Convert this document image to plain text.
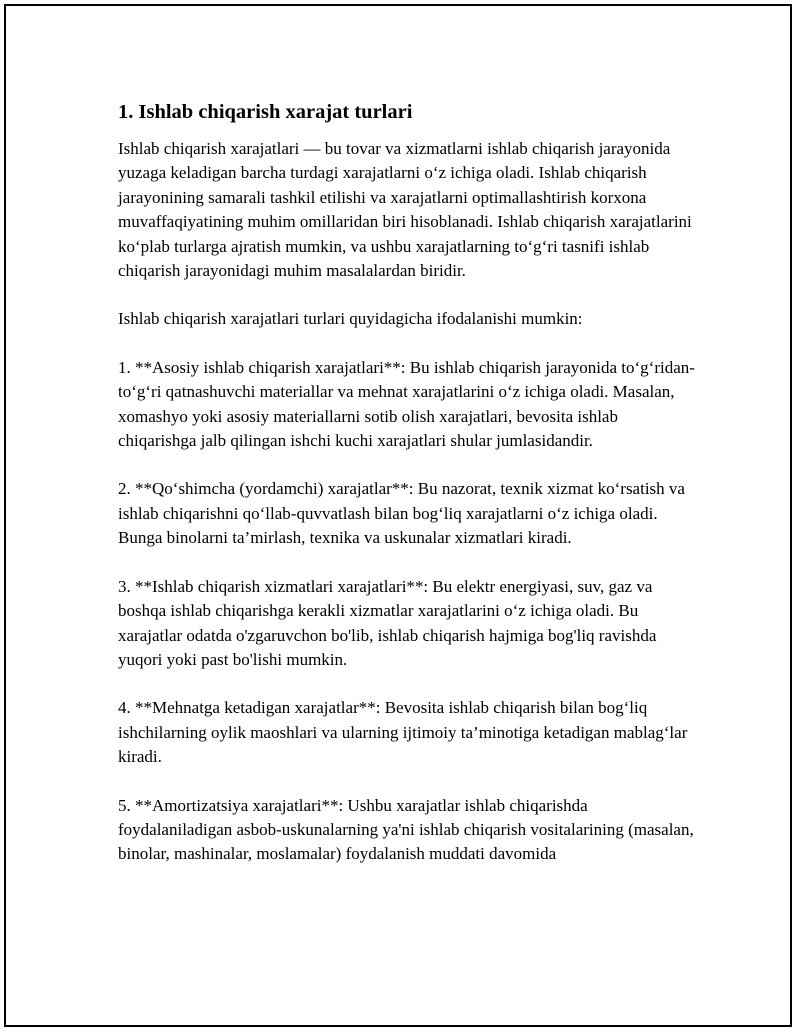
1. Ishlab chiqarish xarajat turlari

Ishlab chiqarish xarajatlari — bu tovar va xizmatlarni ishlab chiqarish jarayonida yuzaga keladigan barcha turdagi xarajatlarni o‘z ichiga oladi. Ishlab chiqarish jarayonining samarali tashkil etilishi va xarajatlarni optimallashtirish korxona muvaffaqiyatining muhim omillaridan biri hisoblanadi. Ishlab chiqarish xarajatlarini ko‘plab turlarga ajratish mumkin, va ushbu xarajatlarning to‘g‘ri tasnifi ishlab chiqarish jarayonidagi muhim masalalardan biridir.

Ishlab chiqarish xarajatlari turlari quyidagicha ifodalanishi mumkin:

1. **Asosiy ishlab chiqarish xarajatlari**: Bu ishlab chiqarish jarayonida to‘g‘ridan-to‘g‘ri qatnashuvchi materiallar va mehnat xarajatlarini o‘z ichiga oladi. Masalan, xomashyo yoki asosiy materiallarni sotib olish xarajatlari, bevosita ishlab chiqarishga jalb qilingan ishchi kuchi xarajatlari shular jumlasidandir.

2. **Qo‘shimcha (yordamchi) xarajatlar**: Bu nazorat, texnik xizmat ko‘rsatish va ishlab chiqarishni qo‘llab-quvvatlash bilan bog‘liq xarajatlarni o‘z ichiga oladi. Bunga binolarni ta’mirlash, texnika va uskunalar xizmatlari kiradi.

3. **Ishlab chiqarish xizmatlari xarajatlari**: Bu elektr energiyasi, suv, gaz va boshqa ishlab chiqarishga kerakli xizmatlar xarajatlarini o‘z ichiga oladi. Bu xarajatlar odatda o'zgaruvchon bo'lib, ishlab chiqarish hajmiga bog'liq ravishda yuqori yoki past bo'lishi mumkin.

4. **Mehnatga ketadigan xarajatlar**: Bevosita ishlab chiqarish bilan bog‘liq ishchilarning oylik maoshlari va ularning ijtimoiy ta’minotiga ketadigan mablag‘lar kiradi.

5. **Amortizatsiya xarajatlari**: Ushbu xarajatlar ishlab chiqarishda foydalaniladigan asbob-uskunalarning ya'ni ishlab chiqarish vositalarining (masalan, binolar, mashinalar, moslamalar) foydalanish muddati davomida
